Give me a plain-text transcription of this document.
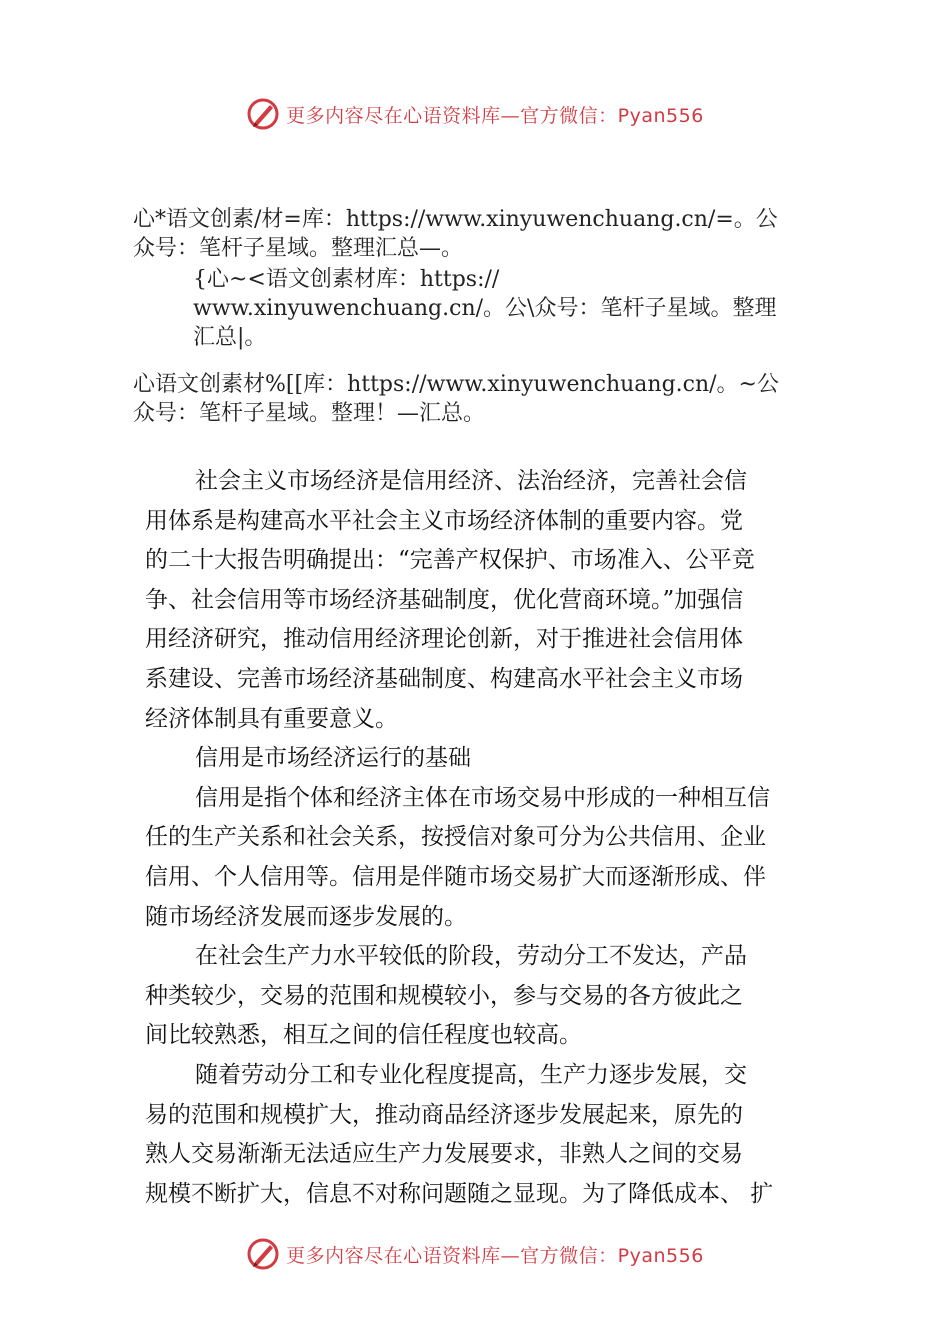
更多内容尽在心语资料库—官方微信：Pyan556
心*语文创素/材=库：https://www.xinyuwenchuang.cn/=。公
众号：笔杆子星域。整理汇总—。
{心~<语文创素材库：https://
www.xinyuwenchuang.cn/。公\众号：笔杆子星域。整理
汇总|。
心语文创素材%[[库：https://www.xinyuwenchuang.cn/。~公
众号：笔杆子星域。整理！—汇总。
社会主义市场经济是信用经济、法治经济，完善社会信
用体系是构建高水平社会主义市场经济体制的重要内容。党
的二十大报告明确提出：“完善产权保护、市场准入、公平竞
争、社会信用等市场经济基础制度，优化营商环境。”加强信
用经济研究，推动信用经济理论创新，对于推进社会信用体
系建设、完善市场经济基础制度、构建高水平社会主义市场
经济体制具有重要意义。
信用是市场经济运行的基础
信用是指个体和经济主体在市场交易中形成的一种相互信
任的生产关系和社会关系，按授信对象可分为公共信用、企业
信用、个人信用等。信用是伴随市场交易扩大而逐渐形成、伴
随市场经济发展而逐步发展的。
在社会生产力水平较低的阶段，劳动分工不发达，产品
种类较少，交易的范围和规模较小，参与交易的各方彼此之
间比较熟悉，相互之间的信任程度也较高。
随着劳动分工和专业化程度提高，生产力逐步发展，交
易的范围和规模扩大，推动商品经济逐步发展起来，原先的
熟人交易渐渐无法适应生产力发展要求，非熟人之间的交易
规模不断扩大，信息不对称问题随之显现。为了降低成本、 扩
更多内容尽在心语资料库—官方微信：Pyan556
